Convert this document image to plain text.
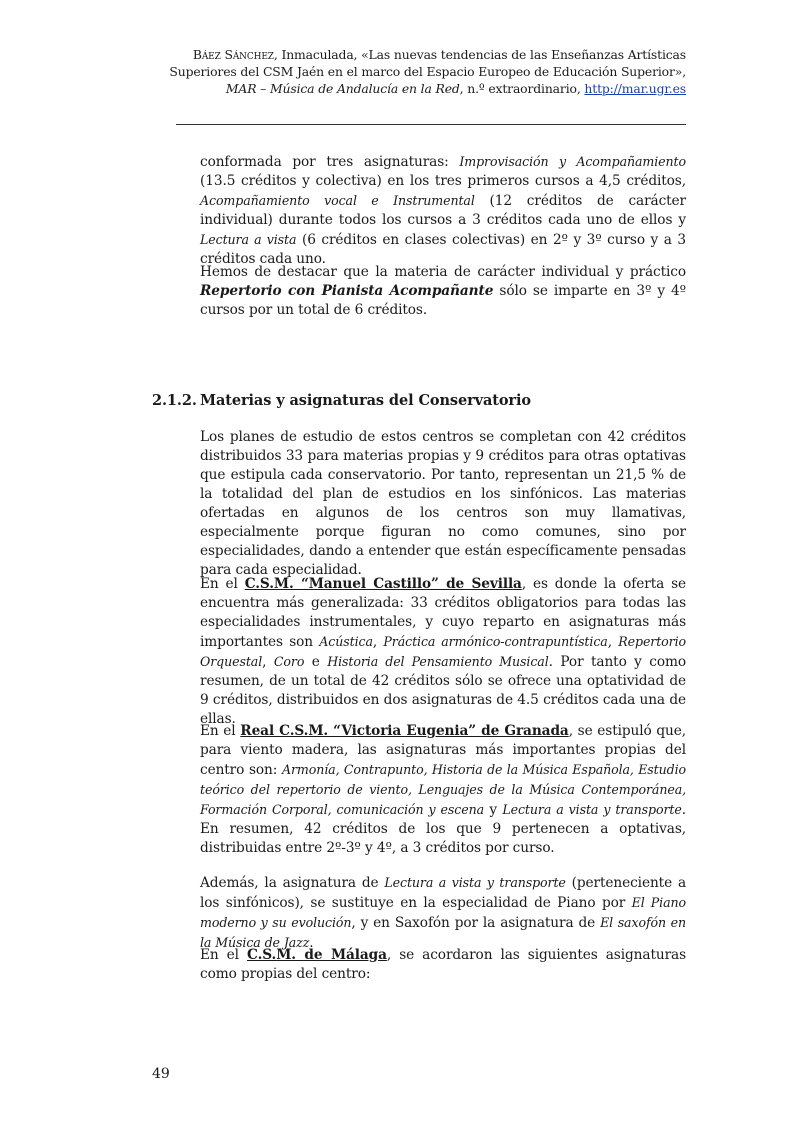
Báez Sánchez, Inmaculada, «Las nuevas tendencias de las Enseñanzas Artísticas Superiores del CSM Jaén en el marco del Espacio Europeo de Educación Superior», MAR – Música de Andalucía en la Red, n.º extraordinario, http://mar.ugr.es

conformada por tres asignaturas: Improvisación y Acompañamiento (13.5 créditos y colectiva) en los tres primeros cursos a 4,5 créditos, Acompañamiento vocal e Instrumental (12 créditos de carácter individual) durante todos los cursos a 3 créditos cada uno de ellos y Lectura a vista (6 créditos en clases colectivas) en 2º y 3º curso y a 3 créditos cada uno.

Hemos de destacar que la materia de carácter individual y práctico Repertorio con Pianista Acompañante sólo se imparte en 3º y 4º cursos por un total de 6 créditos.

2.1.2. Materias y asignaturas del Conservatorio

Los planes de estudio de estos centros se completan con 42 créditos distribuidos 33 para materias propias y 9 créditos para otras optativas que estipula cada conservatorio. Por tanto, representan un 21,5 % de la totalidad del plan de estudios en los sinfónicos. Las materias ofertadas en algunos de los centros son muy llamativas, especialmente porque figuran no como comunes, sino por especialidades, dando a entender que están específicamente pensadas para cada especialidad.

En el C.S.M. “Manuel Castillo” de Sevilla, es donde la oferta se encuentra más generalizada: 33 créditos obligatorios para todas las especialidades instrumentales, y cuyo reparto en asignaturas más importantes son Acústica, Práctica armónico-contrapuntística, Repertorio Orquestal, Coro e Historia del Pensamiento Musical. Por tanto y como resumen, de un total de 42 créditos sólo se ofrece una optatividad de 9 créditos, distribuidos en dos asignaturas de 4.5 créditos cada una de ellas.

En el Real C.S.M. “Victoria Eugenia” de Granada, se estipuló que, para viento madera, las asignaturas más importantes propias del centro son: Armonía, Contrapunto, Historia de la Música Española, Estudio teórico del repertorio de viento, Lenguajes de la Música Contemporánea, Formación Corporal, comunicación y escena y Lectura a vista y transporte. En resumen, 42 créditos de los que 9 pertenecen a optativas, distribuidas entre 2º-3º y 4º, a 3 créditos por curso.

Además, la asignatura de Lectura a vista y transporte (perteneciente a los sinfónicos), se sustituye en la especialidad de Piano por El Piano moderno y su evolución, y en Saxofón por la asignatura de El saxofón en la Música de Jazz.

En el C.S.M. de Málaga, se acordaron las siguientes asignaturas como propias del centro:

49
